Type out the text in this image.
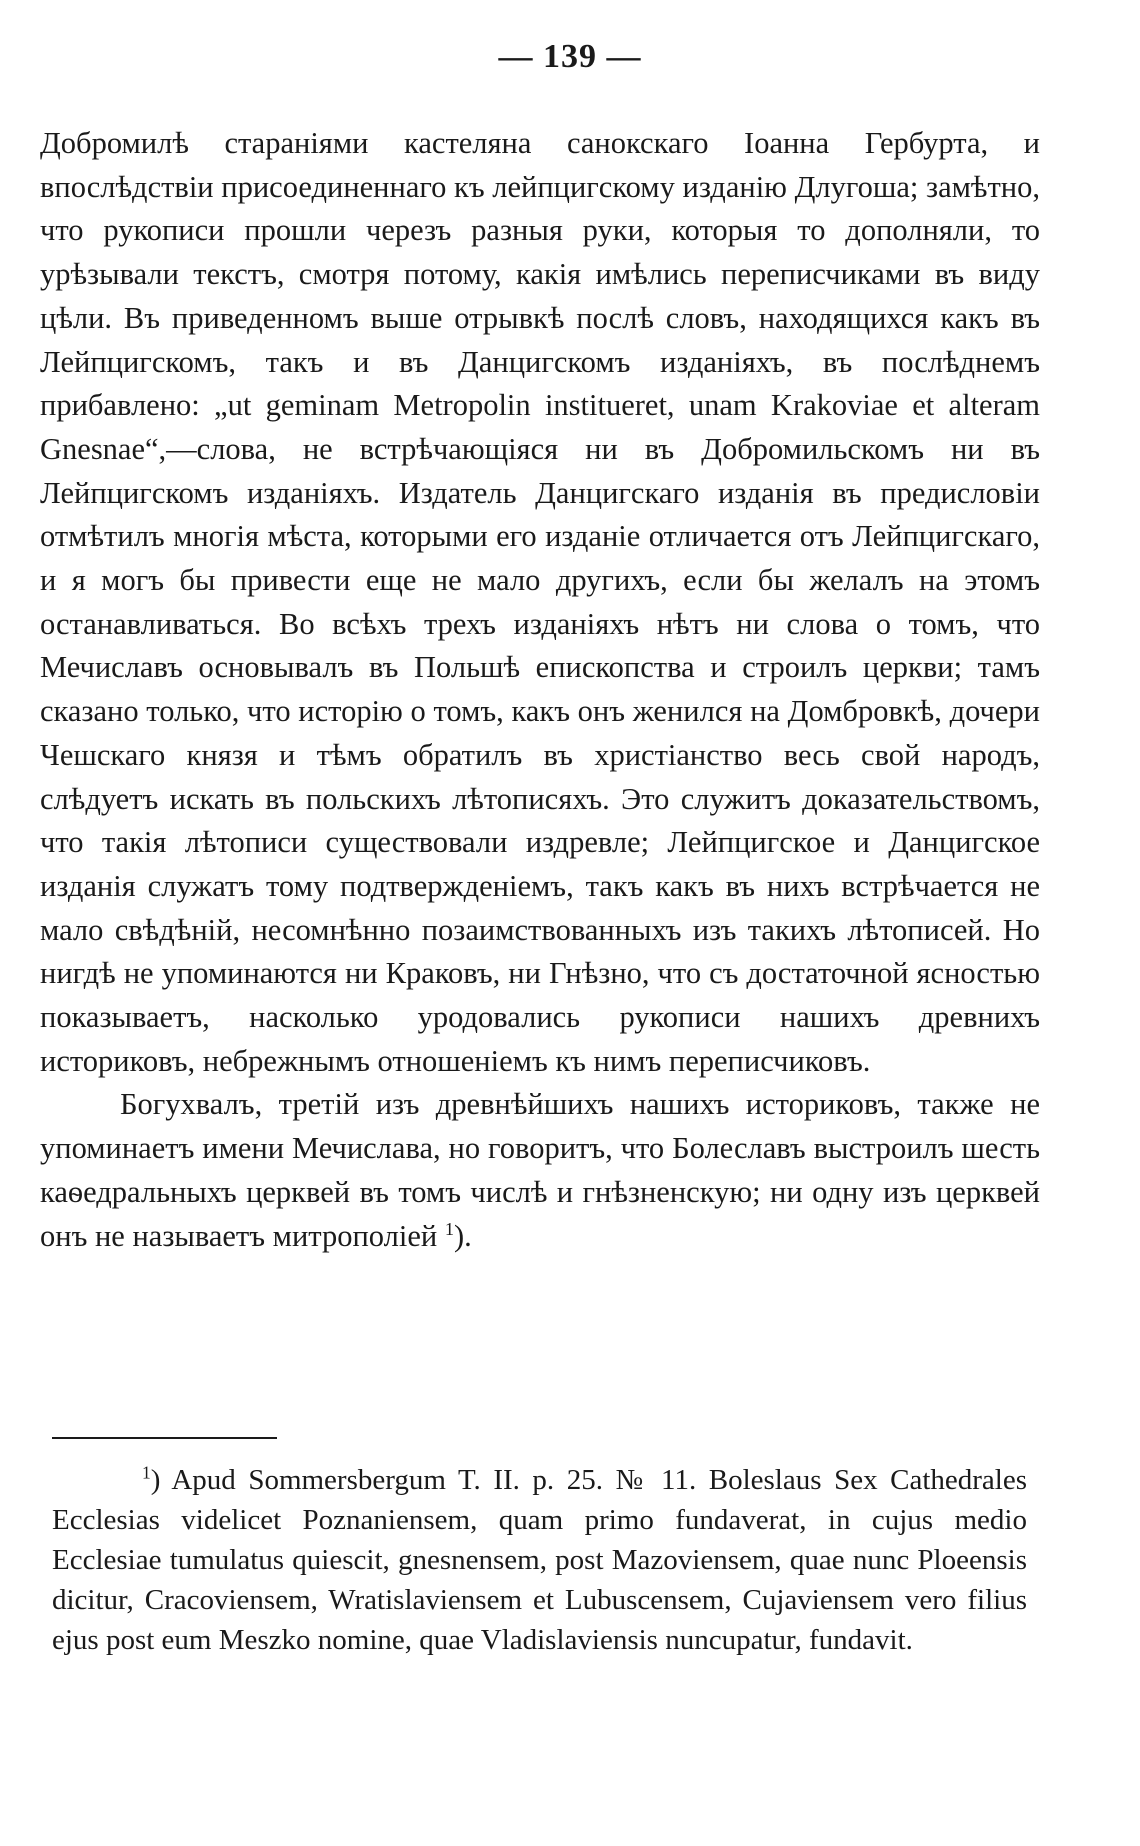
— 139 —

Добромилѣ стараніями кастеляна санокскаго Іоанна Гербурта, и впослѣдствіи присоединеннаго къ лейпцигскому изданію Длугоша; замѣтно, что рукописи прошли черезъ разныя руки, которыя то дополняли, то урѣзывали текстъ, смотря потому, какія имѣлись переписчиками въ виду цѣли. Въ приведенномъ выше отрывкѣ послѣ словъ, находящихся какъ въ Лейпцигскомъ, такъ и въ Данцигскомъ изданіяхъ, въ послѣднемъ прибавлено: „ut geminam Metropolin instituеret, unam Krakoviae et alteram Gnesnae“,—слова, не встрѣчающіяся ни въ Добромильскомъ ни въ Лейпцигскомъ изданіяхъ. Издатель Данцигскаго изданія въ предисловіи отмѣтилъ многія мѣста, которыми его изданіе отличается отъ Лейпцигскаго, и я могъ бы привести еще не мало другихъ, если бы желалъ на этомъ останавливаться. Во всѣхъ трехъ изданіяхъ нѣтъ ни слова о томъ, что Мечиславъ основывалъ въ Польшѣ епископства и строилъ церкви; тамъ сказано только, что исторію о томъ, какъ онъ женился на Домбровкѣ, дочери Чешскаго князя и тѣмъ обратилъ въ христіанство весь свой народъ, слѣдуетъ искать въ польскихъ лѣтописяхъ. Это служитъ доказательствомъ, что такія лѣтописи существовали издревле; Лейпцигское и Данцигское изданія служатъ тому подтвержденіемъ, такъ какъ въ нихъ встрѣчается не мало свѣдѣній, несомнѣнно позаимствованныхъ изъ такихъ лѣтописей. Но нигдѣ не упоминаются ни Краковъ, ни Гнѣзно, что съ достаточной ясностью показываетъ, насколько уродовались рукописи нашихъ древнихъ историковъ, небрежнымъ отношеніемъ къ нимъ переписчиковъ.

Богухвалъ, третій изъ древнѣйшихъ нашихъ историковъ, также не упоминаетъ имени Мечислава, но говоритъ, что Болеславъ выстроилъ шесть каѳедральныхъ церквей въ томъ числѣ и гнѣзненскую; ни одну изъ церквей онъ не называетъ митрополіей $^1$).

$^1$) Apud Sommersbergum T. II. p. 25. № 11. Boleslaus Sex Cathedrales Ecclesias videlicet Poznaniensem, quam primo fundaverat, in cujus medio Ecclesiae tumulatus quiescit, gnesnensem, post Mazoviensem, quae nunc Ploeensis dicitur, Cracoviensem, Wratislaviensem et Lubuscensem, Cujaviensem vero filius ejus post eum Meszko nomine, quae Vladislaviensis nuncupatur, fundavit.
